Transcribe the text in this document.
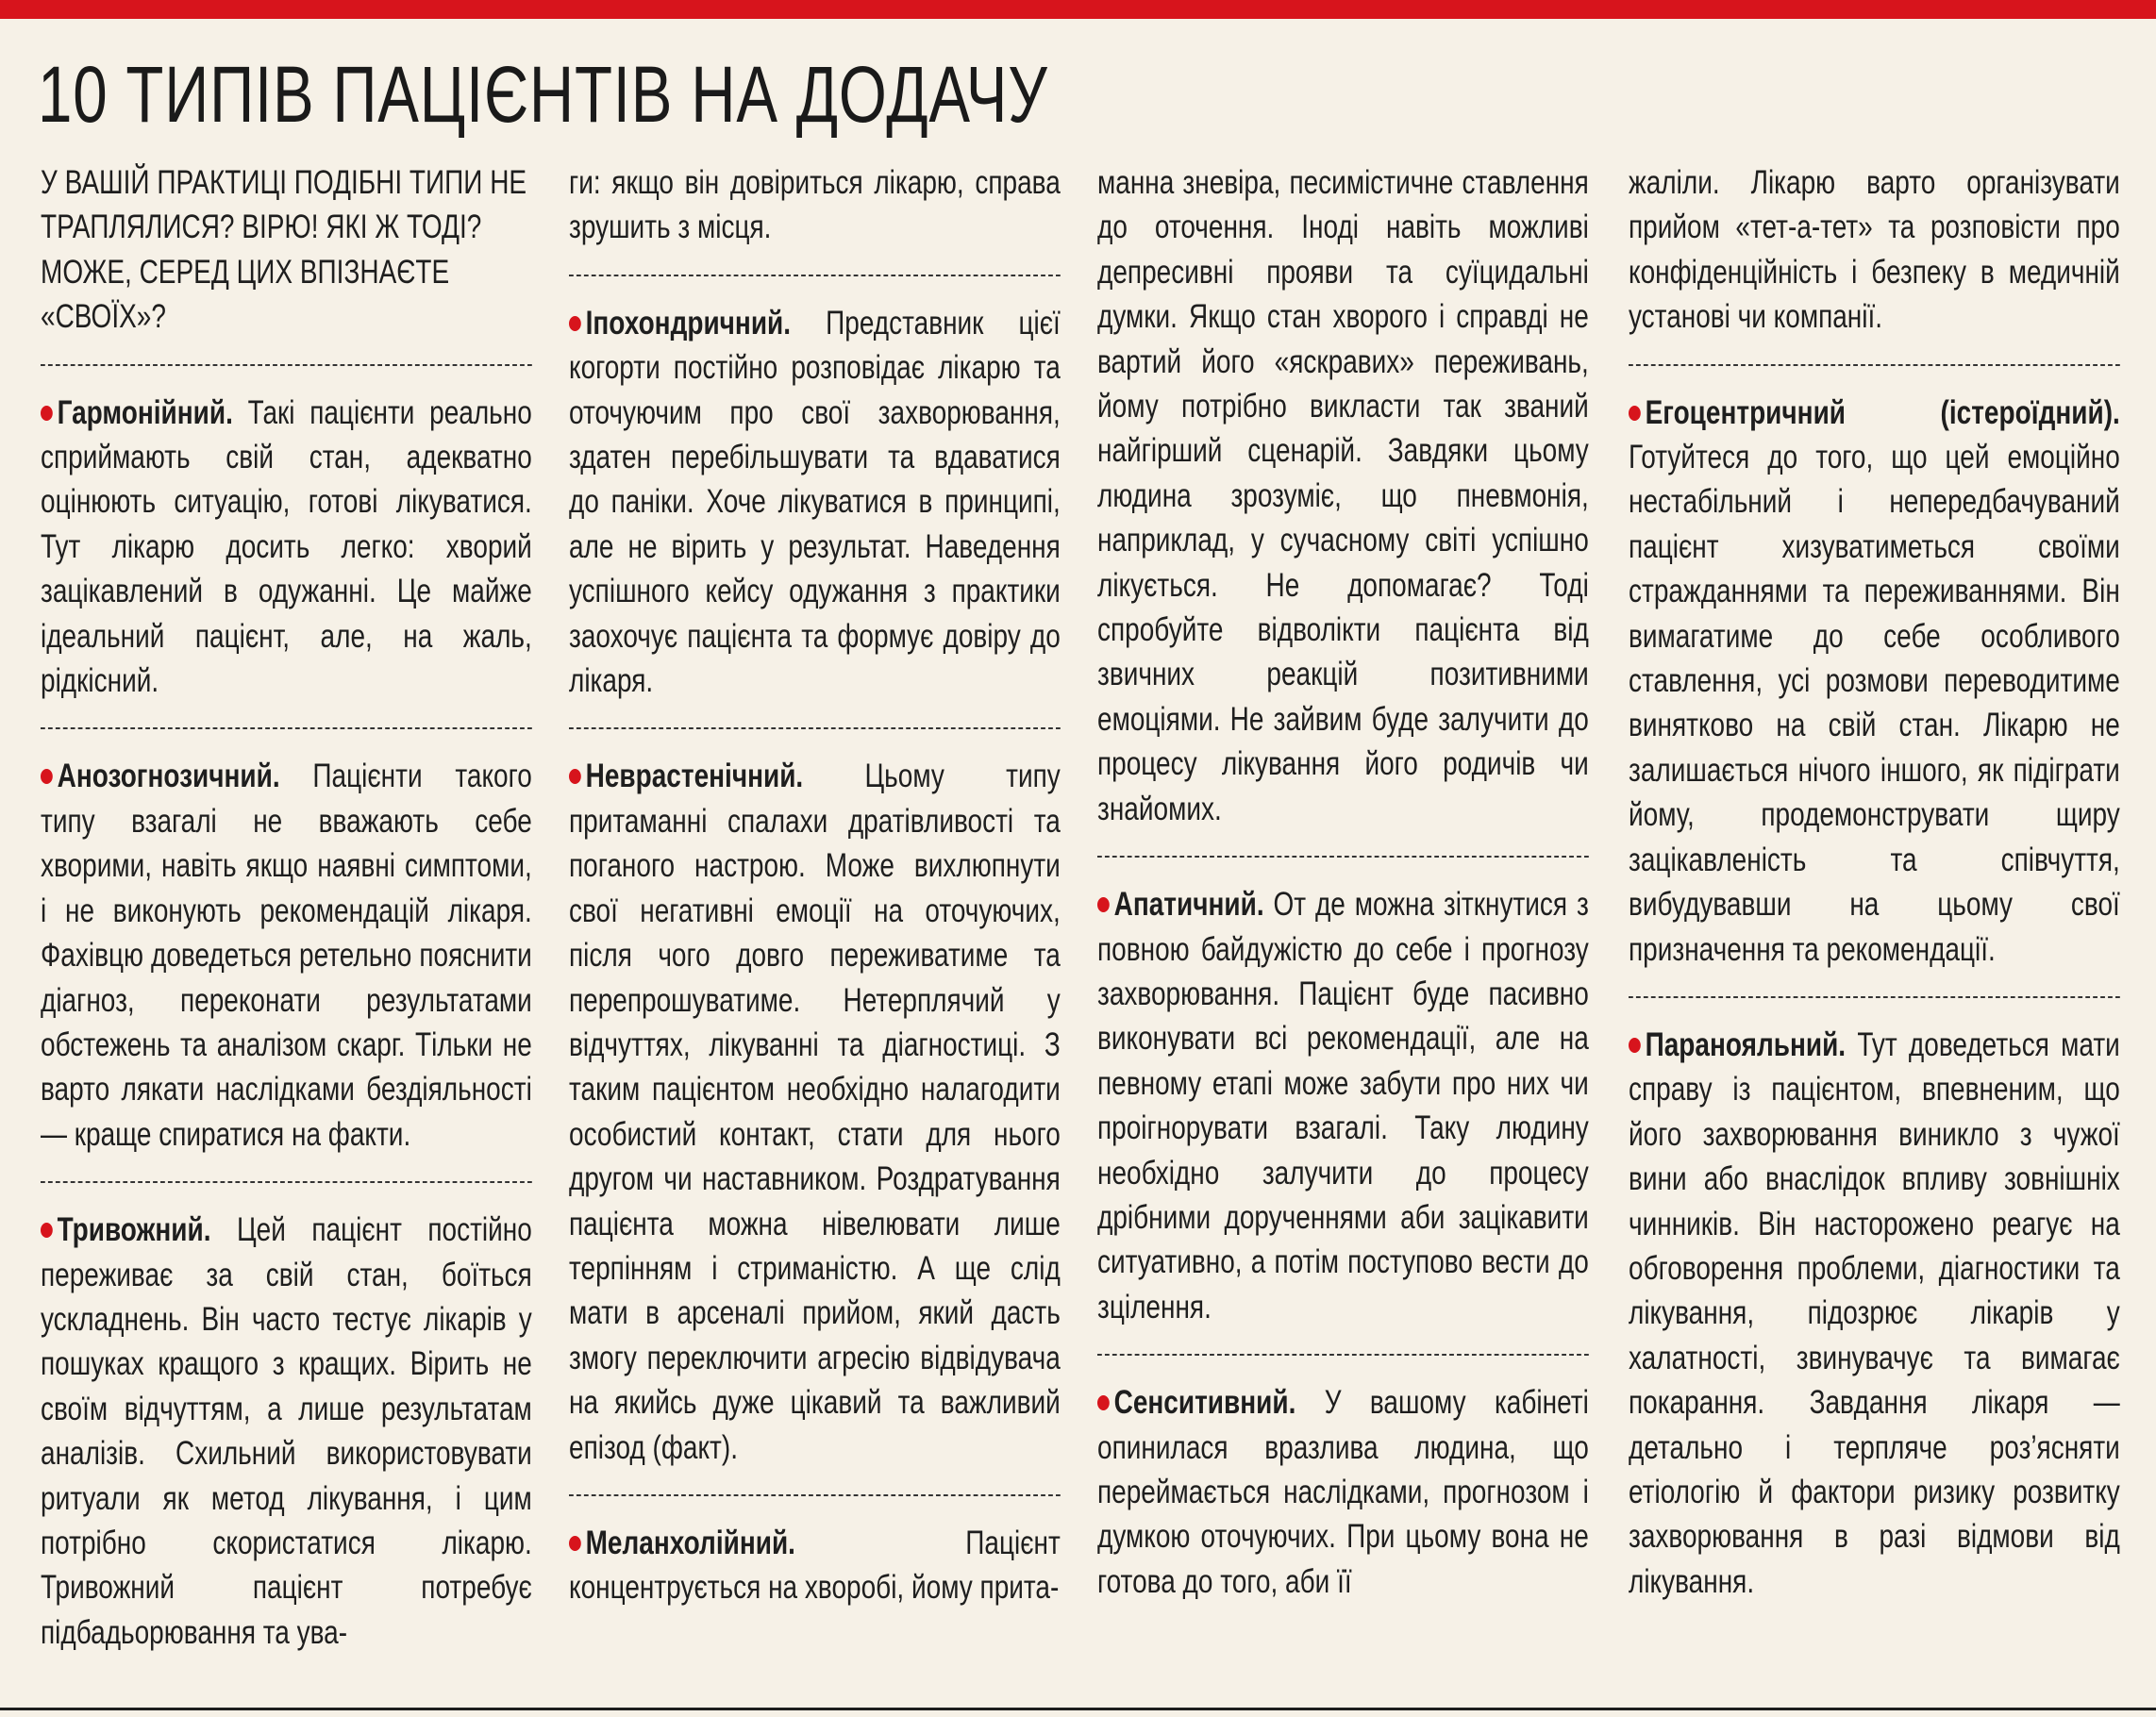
10 ТИПІВ ПАЦІЄНТІВ НА ДОДАЧУ

У ВАШІЙ ПРАКТИЦІ ПОДІБНІ ТИПИ НЕ ТРАПЛЯЛИСЯ? ВІРЮ! ЯКІ Ж ТОДІ? МОЖЕ, СЕРЕД ЦИХ ВПІЗНАЄТЕ «СВОЇХ»?

Гармонійний. Такі пацієнти реально сприймають свій стан, адекватно оцінюють ситуацію, готові лікуватися. Тут лікарю досить легко: хворий зацікавлений в одужанні. Це майже ідеальний пацієнт, але, на жаль, рідкісний.

Анозогнозичний. Пацієнти такого типу взагалі не вважають себе хворими, навіть якщо наявні симптоми, і не виконують рекомендацій лікаря. Фахівцю доведеться ретельно пояснити діагноз, переконати результатами обстежень та аналізом скарг. Тільки не варто лякати наслідками бездіяльності — краще спиратися на факти.

Тривожний. Цей пацієнт постійно переживає за свій стан, боїться ускладнень. Він часто тестує лікарів у пошуках кращого з кращих. Вірить не своїм відчуттям, а лише результатам аналізів. Схильний використовувати ритуали як метод лікування, і цим потрібно скористатися лікарю. Тривожний пацієнт потребує підбадьорювання та ува-

ги: якщо він довіриться лікарю, справа зрушить з місця.

Іпохондричний. Представник цієї когорти постійно розповідає лікарю та оточуючим про свої захворювання, здатен перебільшувати та вдаватися до паніки. Хоче лікуватися в принципі, але не вірить у результат. Наведення успішного кейсу одужання з практики заохочує пацієнта та формує довіру до лікаря.

Неврастенічний. Цьому типу притаманні спалахи дратівливості та поганого настрою. Може вихлюпнути свої негативні емоції на оточуючих, після чого довго переживатиме та перепрошуватиме. Нетерплячий у відчуттях, лікуванні та діагностиці. З таким пацієнтом необхідно налагодити особистий контакт, стати для нього другом чи наставником. Роздратування пацієнта можна нівелювати лише терпінням і стриманістю. А ще слід мати в арсеналі прийом, який дасть змогу переключити агресію відвідувача на якийсь дуже цікавий та важливий епізод (факт).

Меланхолійний. Пацієнт концентрується на хворобі, йому прита-

манна зневіра, песимістичне ставлення до оточення. Іноді навіть можливі депресивні прояви та суїцидальні думки. Якщо стан хворого і справді не вартий його «яскравих» переживань, йому потрібно викласти так званий найгірший сценарій. Завдяки цьому людина зрозуміє, що пневмонія, наприклад, у сучасному світі успішно лікується. Не допомагає? Тоді спробуйте відволікти пацієнта від звичних реакцій позитивними емоціями. Не зайвим буде залучити до процесу лікування його родичів чи знайомих.

Апатичний. От де можна зіткнутися з повною байдужістю до себе і прогнозу захворювання. Пацієнт буде пасивно виконувати всі рекомендації, але на певному етапі може забути про них чи проігнорувати взагалі. Таку людину необхідно залучити до процесу дрібними дорученнями аби зацікавити ситуативно, а потім поступово вести до зцілення.

Сенситивний. У вашому кабінеті опинилася вразлива людина, що переймається наслідками, прогнозом і думкою оточуючих. При цьому вона не готова до того, аби її

жаліли. Лікарю варто організувати прийом «тет-а-тет» та розповісти про конфіденційність і безпеку в медичній установі чи компанії.

Егоцентричний (істероїдний). Готуйтеся до того, що цей емоційно нестабільний і непередбачуваний пацієнт хизуватиметься своїми стражданнями та переживаннями. Він вимагатиме до себе особливого ставлення, усі розмови переводитиме винятково на свій стан. Лікарю не залишається нічого іншого, як підіграти йому, продемонструвати щиру зацікавленість та співчуття, вибудувавши на цьому свої призначення та рекомендації.

Паранояльний. Тут доведеться мати справу із пацієнтом, впевненим, що його захворювання виникло з чужої вини або внаслідок впливу зовнішніх чинників. Він насторожено реагує на обговорення проблеми, діагностики та лікування, підозрює лікарів у халатності, звинувачує та вимагає покарання. Завдання лікаря — детально і терпляче роз’ясняти етіологію й фактори ризику розвитку захворювання в разі відмови від лікування.
